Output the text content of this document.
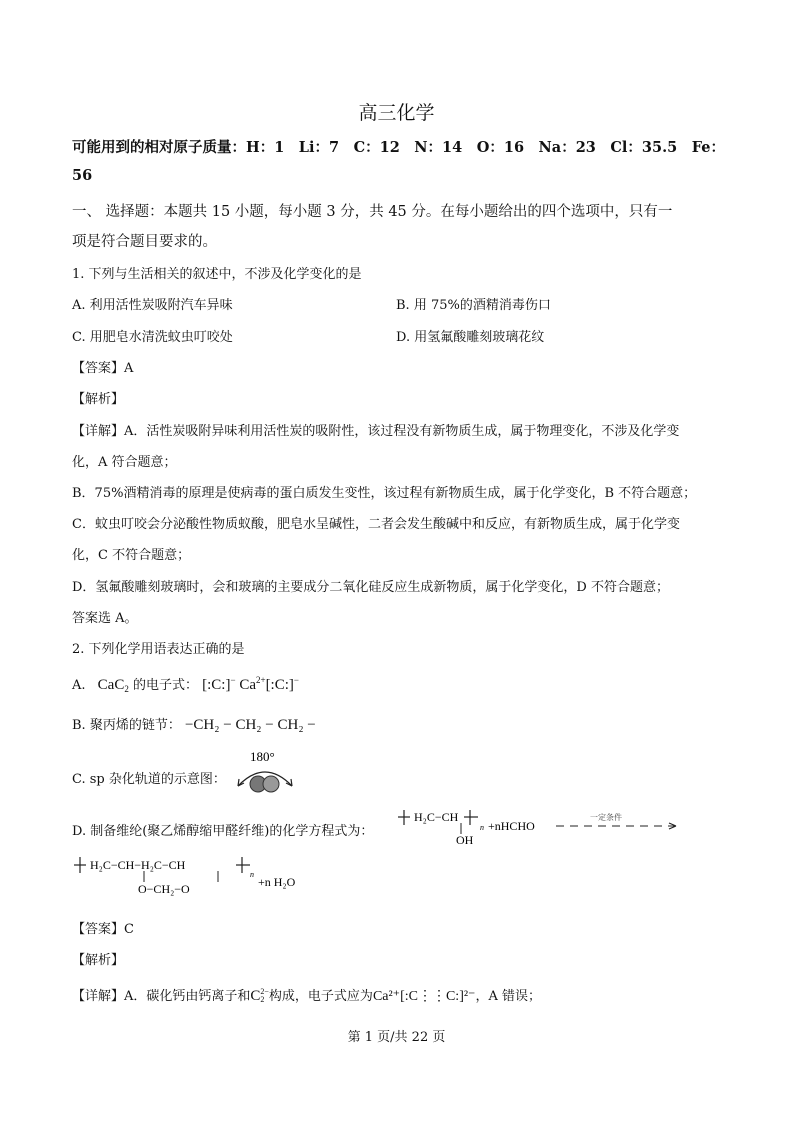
高三化学
可能用到的相对原子质量：H：1　Li：7　C：12　N：14　O：16　Na：23　Cl：35.5　Fe：
56
一、 选择题：本题共 15 小题，每小题 3 分，共 45 分。在每小题给出的四个选项中，只有一
项是符合题目要求的。
1. 下列与生活相关的叙述中，不涉及化学变化的是
A. 利用活性炭吸附汽车异味	B. 用 75%的酒精消毒伤口
C. 用肥皂水清洗蚊虫叮咬处	D. 用氢氟酸雕刻玻璃花纹
【答案】A
【解析】
【详解】A．活性炭吸附异味利用活性炭的吸附性，该过程没有新物质生成，属于物理变化，不涉及化学变
化，A 符合题意；
B．75%酒精消毒的原理是使病毒的蛋白质发生变性，该过程有新物质生成，属于化学变化，B 不符合题意；
C．蚊虫叮咬会分泌酸性物质蚁酸，肥皂水呈碱性，二者会发生酸碱中和反应，有新物质生成，属于化学变
化，C 不符合题意；
D．氢氟酸雕刻玻璃时，会和玻璃的主要成分二氧化硅反应生成新物质，属于化学变化，D 不符合题意；
答案选 A。
2. 下列化学用语表达正确的是
A. CaC$_2$ 的电子式： [:C:]− $Ca^{2+}[:C:]^-$
B. 聚丙烯的链节： −CH₂ − CH₂ − CH₂ −
C. sp 杂化轨道的示意图：
180°
D. 制备维纶(聚乙烯醇缩甲醛纤维)的化学方程式为：
H₂C−CH
n
OH
+nHCHO
一定条件
H₂C−CH−H₂C−CH
n
O−CH₂−O	+n H₂O
【答案】C
【解析】
【详解】A．碳化钙由钙离子和C 2−
2 构成，电子式应为Ca²⁺[:C⋮⋮C:]²⁻，A 错误；
第 1 页/共 22 页
